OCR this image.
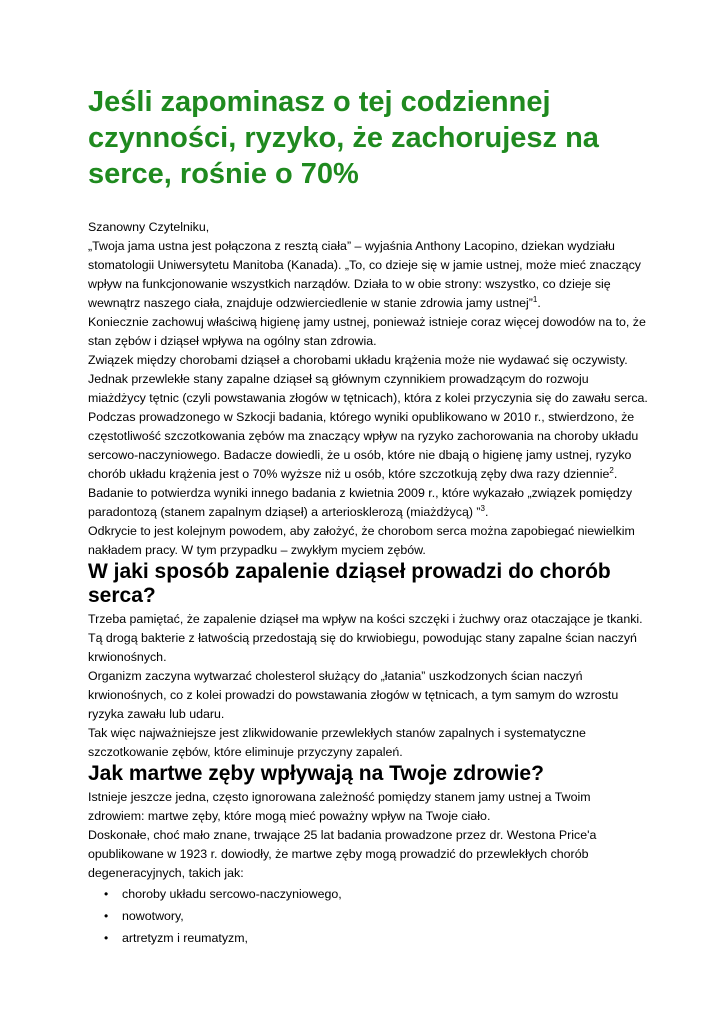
Jeśli zapominasz o tej codziennej czynności, ryzyko, że zachorujesz na serce, rośnie o 70%

Szanowny Czytelniku,

„Twoja jama ustna jest połączona z resztą ciała” – wyjaśnia Anthony Lacopino, dziekan wydziału stomatologii Uniwersytetu Manitoba (Kanada). „To, co dzieje się w jamie ustnej, może mieć znaczący wpływ na funkcjonowanie wszystkich narządów. Działa to w obie strony: wszystko, co dzieje się wewnątrz naszego ciała, znajduje odzwierciedlenie w stanie zdrowia jamy ustnej”$^1$.

Koniecznie zachowuj właściwą higienę jamy ustnej, ponieważ istnieje coraz więcej dowodów na to, że stan zębów i dziąseł wpływa na ogólny stan zdrowia.

Związek między chorobami dziąseł a chorobami układu krążenia może nie wydawać się oczywisty. Jednak przewlekłe stany zapalne dziąseł są głównym czynnikiem prowadzącym do rozwoju miażdżycy tętnic (czyli powstawania złogów w tętnicach), która z kolei przyczynia się do zawału serca.

Podczas prowadzonego w Szkocji badania, którego wyniki opublikowano w 2010 r., stwierdzono, że częstotliwość szczotkowania zębów ma znaczący wpływ na ryzyko zachorowania na choroby układu sercowo-naczyniowego. Badacze dowiedli, że u osób, które nie dbają o higienę jamy ustnej, ryzyko chorób układu krążenia jest o 70% wyższe niż u osób, które szczotkują zęby dwa razy dziennie$^2$.

Badanie to potwierdza wyniki innego badania z kwietnia 2009 r., które wykazało „związek pomiędzy paradontozą (stanem zapalnym dziąseł) a arteriosklerozą (miażdżycą) ”$^3$.

Odkrycie to jest kolejnym powodem, aby założyć, że chorobom serca można zapobiegać niewielkim nakładem pracy. W tym przypadku – zwykłym myciem zębów.

W jaki sposób zapalenie dziąseł prowadzi do chorób serca?

Trzeba pamiętać, że zapalenie dziąseł ma wpływ na kości szczęki i żuchwy oraz otaczające je tkanki. Tą drogą bakterie z łatwością przedostają się do krwiobiegu, powodując stany zapalne ścian naczyń krwionośnych.

Organizm zaczyna wytwarzać cholesterol służący do „łatania” uszkodzonych ścian naczyń krwionośnych, co z kolei prowadzi do powstawania złogów w tętnicach, a tym samym do wzrostu ryzyka zawału lub udaru.

Tak więc najważniejsze jest zlikwidowanie przewlekłych stanów zapalnych i systematyczne szczotkowanie zębów, które eliminuje przyczyny zapaleń.

Jak martwe zęby wpływają na Twoje zdrowie?

Istnieje jeszcze jedna, często ignorowana zależność pomiędzy stanem jamy ustnej a Twoim zdrowiem: martwe zęby, które mogą mieć poważny wpływ na Twoje ciało.

Doskonałe, choć mało znane, trwające 25 lat badania prowadzone przez dr. Westona Price'a opublikowane w 1923 r. dowiodły, że martwe zęby mogą prowadzić do przewlekłych chorób degeneracyjnych, takich jak:

• choroby układu sercowo-naczyniowego,
• nowotwory,
• artretyzm i reumatyzm,
